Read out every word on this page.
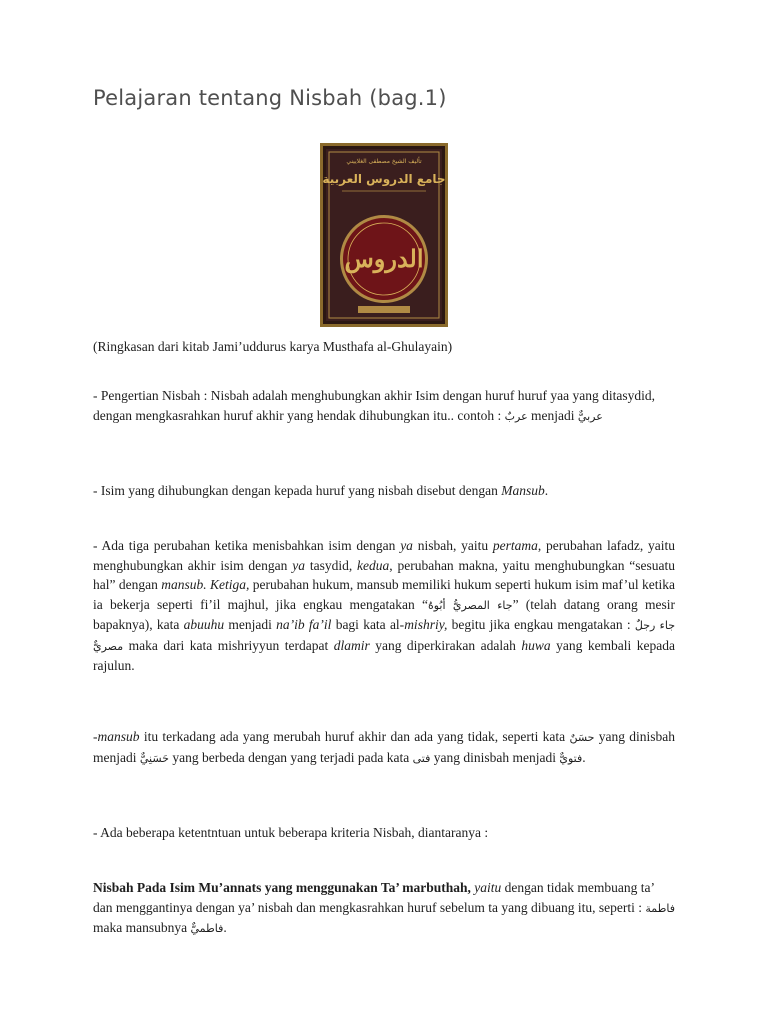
Pelajaran tentang Nisbah (bag.1)
تأليف الشيخ مصطفى الغلاييني
جامع الدروس العربية
الدروس

(Ringkasan dari kitab Jami’uddurus karya Musthafa al-Ghulayain)

- Pengertian Nisbah : Nisbah adalah menghubungkan akhir Isim dengan huruf huruf yaa yang ditasydid, dengan mengkasrahkan huruf akhir yang hendak dihubungkan itu.. contoh : عربٌ menjadi عربيٌّ

- Isim yang dihubungkan dengan kepada huruf yang nisbah disebut dengan Mansub.

- Ada tiga perubahan ketika menisbahkan isim dengan ya nisbah, yaitu pertama, perubahan lafadz, yaitu menghubungkan akhir isim dengan ya tasydid, kedua, perubahan makna, yaitu menghubungkan “sesuatu hal” dengan mansub. Ketiga, perubahan hukum, mansub memiliki hukum seperti hukum isim maf’ul ketika ia bekerja seperti fi’il majhul, jika engkau mengatakan “جاء المصريُّ أبُوهُ” (telah datang orang mesir bapaknya), kata abuuhu menjadi na’ib fa’il bagi kata al-mishriy, begitu jika engkau mengatakan : جاء رجلٌ مصريٌّ maka dari kata mishriyyun terdapat dlamir yang diperkirakan adalah huwa yang kembali kepada rajulun.

-mansub itu terkadang ada yang merubah huruf akhir dan ada yang tidak, seperti kata حسَنٌ yang dinisbah menjadi حَسَنِيٌّ yang berbeda dengan yang terjadi pada kata فتى yang dinisbah menjadi فتويٌّ.

- Ada beberapa ketentntuan untuk beberapa kriteria Nisbah, diantaranya :

Nisbah Pada Isim Mu’annats yang menggunakan Ta’ marbuthah, yaitu dengan tidak membuang ta’ dan menggantinya dengan ya’ nisbah dan mengkasrahkan huruf sebelum ta yang dibuang itu, seperti : فاطمة maka mansubnya فاطميٌّ.
